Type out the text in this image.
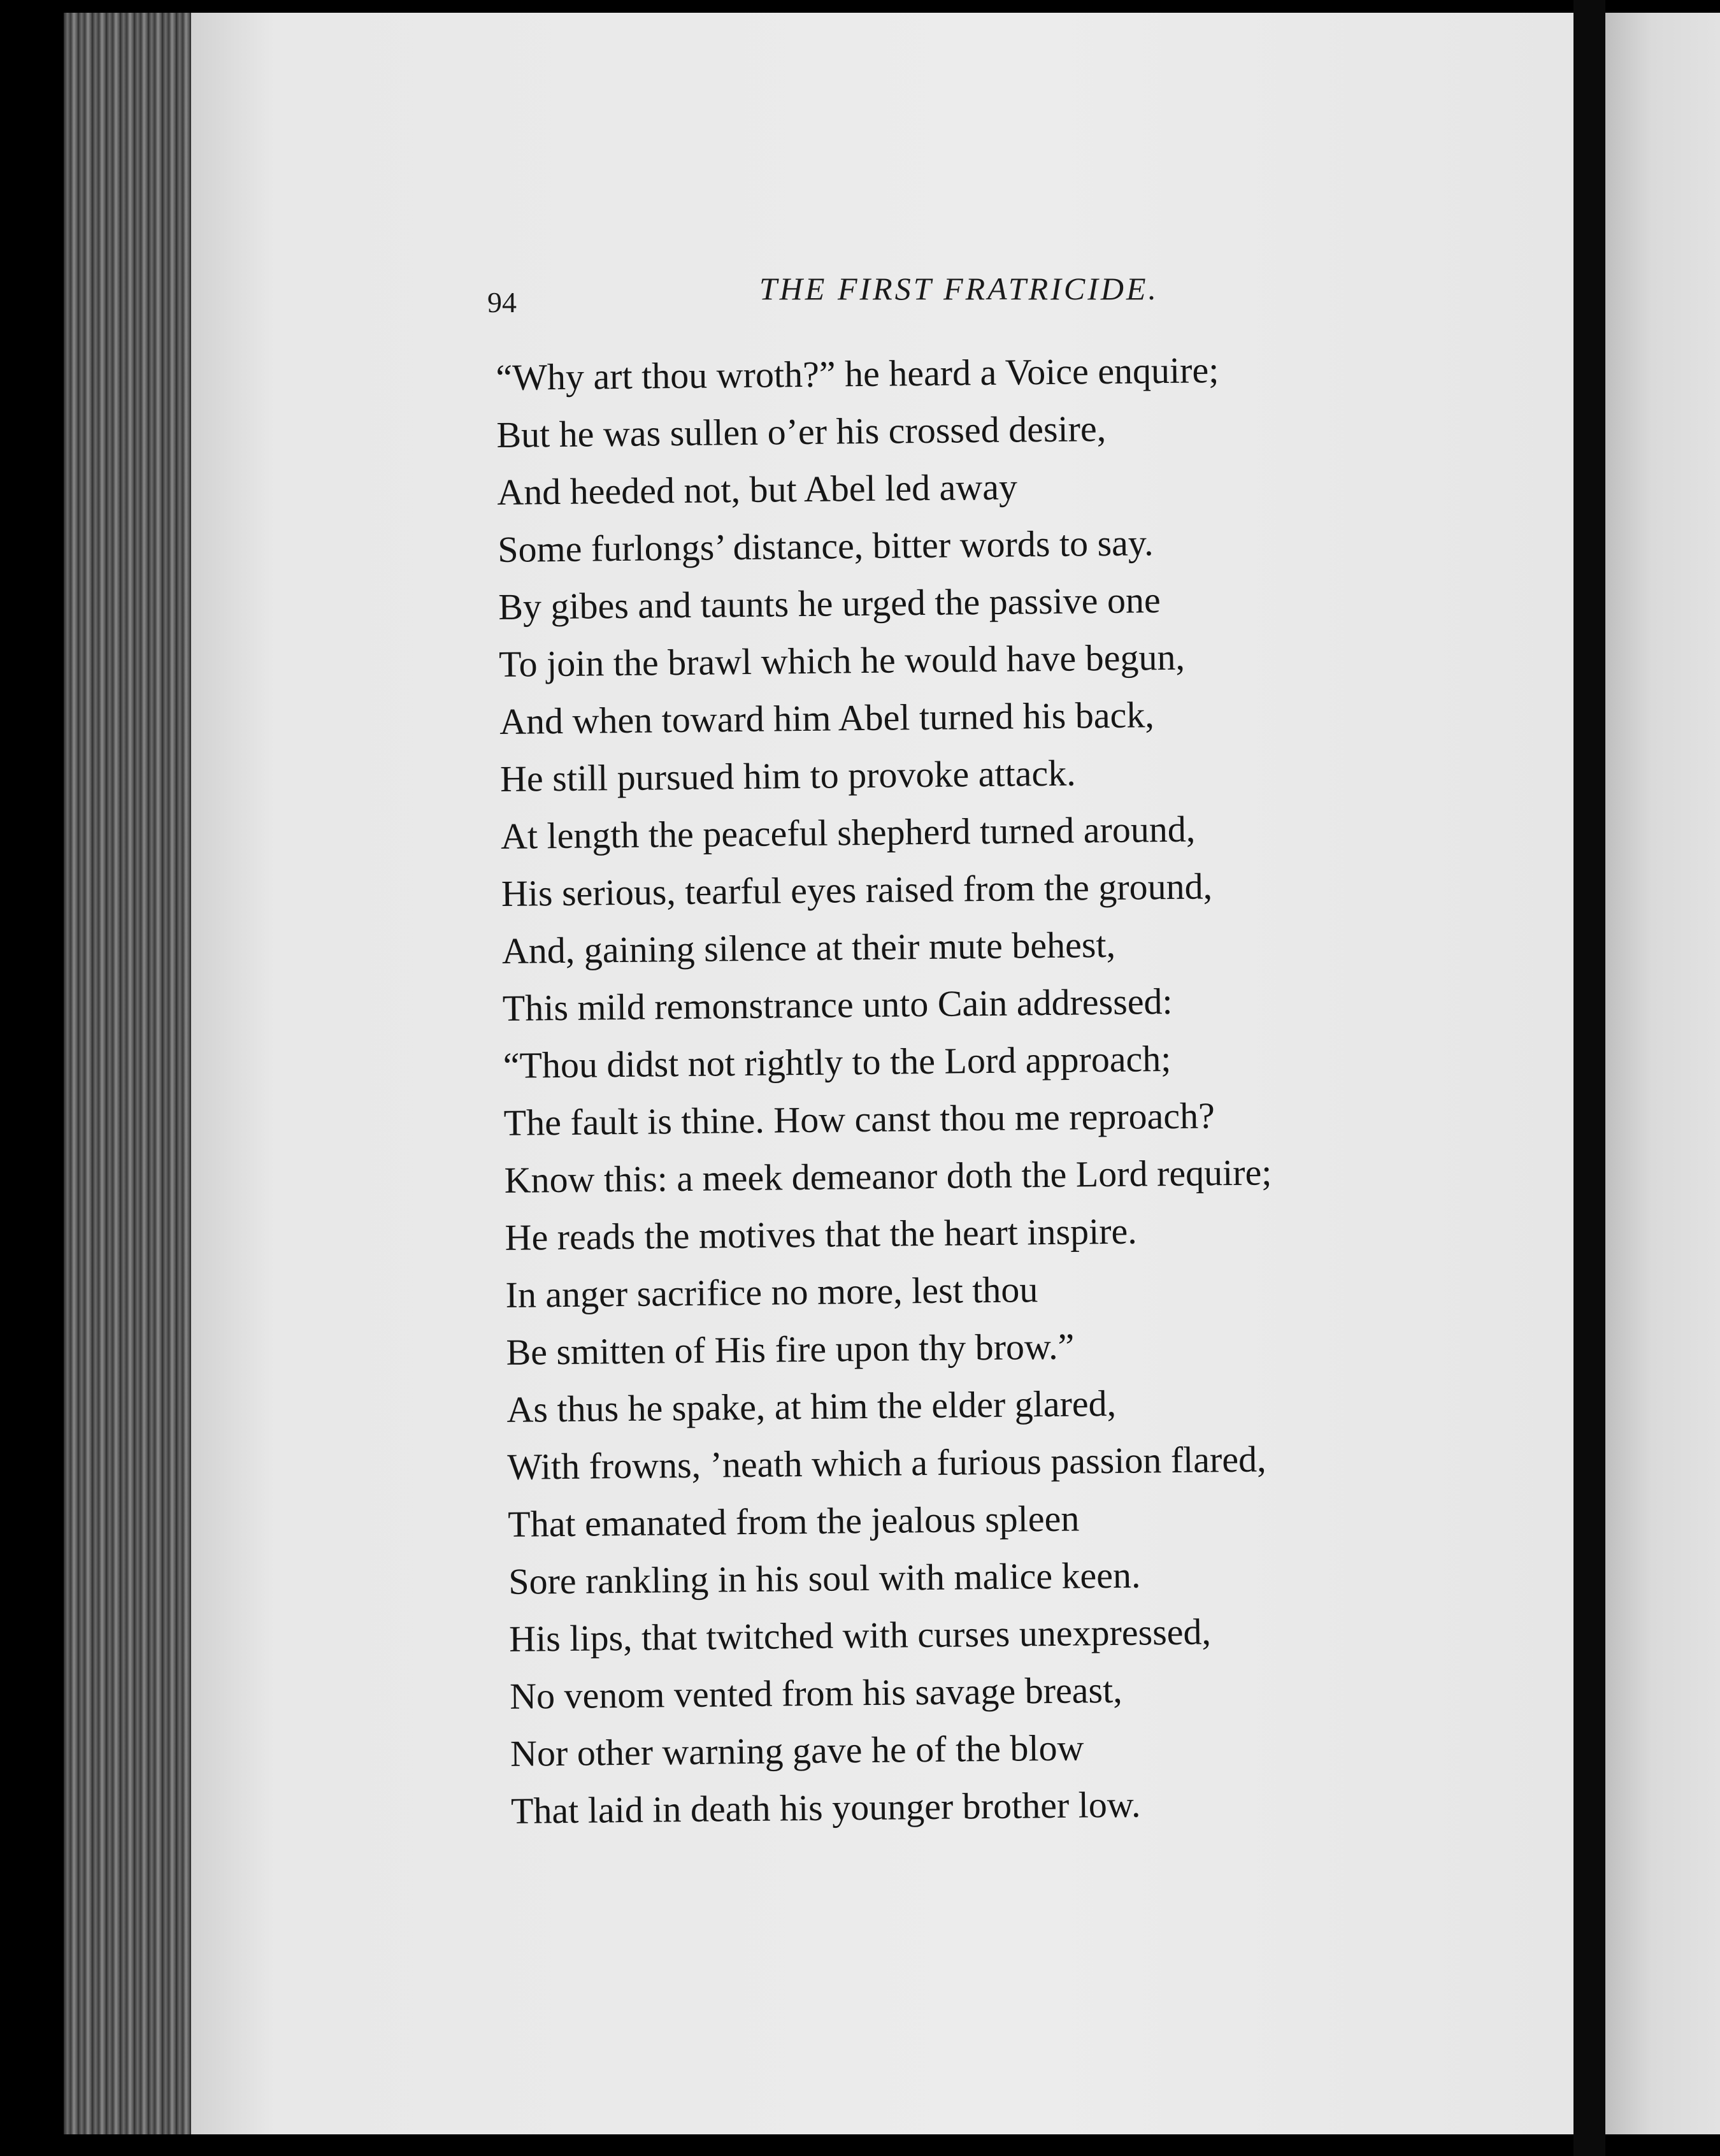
94	THE FIRST FRATRICIDE.

“Why art thou wroth?” he heard a Voice enquire;
But he was sullen o’er his crossed desire,
And heeded not, but Abel led away
Some furlongs’ distance, bitter words to say.
By gibes and taunts he urged the passive one
To join the brawl which he would have begun,
And when toward him Abel turned his back,
He still pursued him to provoke attack.
At length the peaceful shepherd turned around,
His serious, tearful eyes raised from the ground,
And, gaining silence at their mute behest,
This mild remonstrance unto Cain addressed:
“Thou didst not rightly to the Lord approach;
The fault is thine. How canst thou me reproach?
Know this: a meek demeanor doth the Lord require;
He reads the motives that the heart inspire.
In anger sacrifice no more, lest thou
Be smitten of His fire upon thy brow.”
As thus he spake, at him the elder glared,
With frowns, ’neath which a furious passion flared,
That emanated from the jealous spleen
Sore rankling in his soul with malice keen.
His lips, that twitched with curses unexpressed,
No venom vented from his savage breast,
Nor other warning gave he of the blow
That laid in death his younger brother low.
